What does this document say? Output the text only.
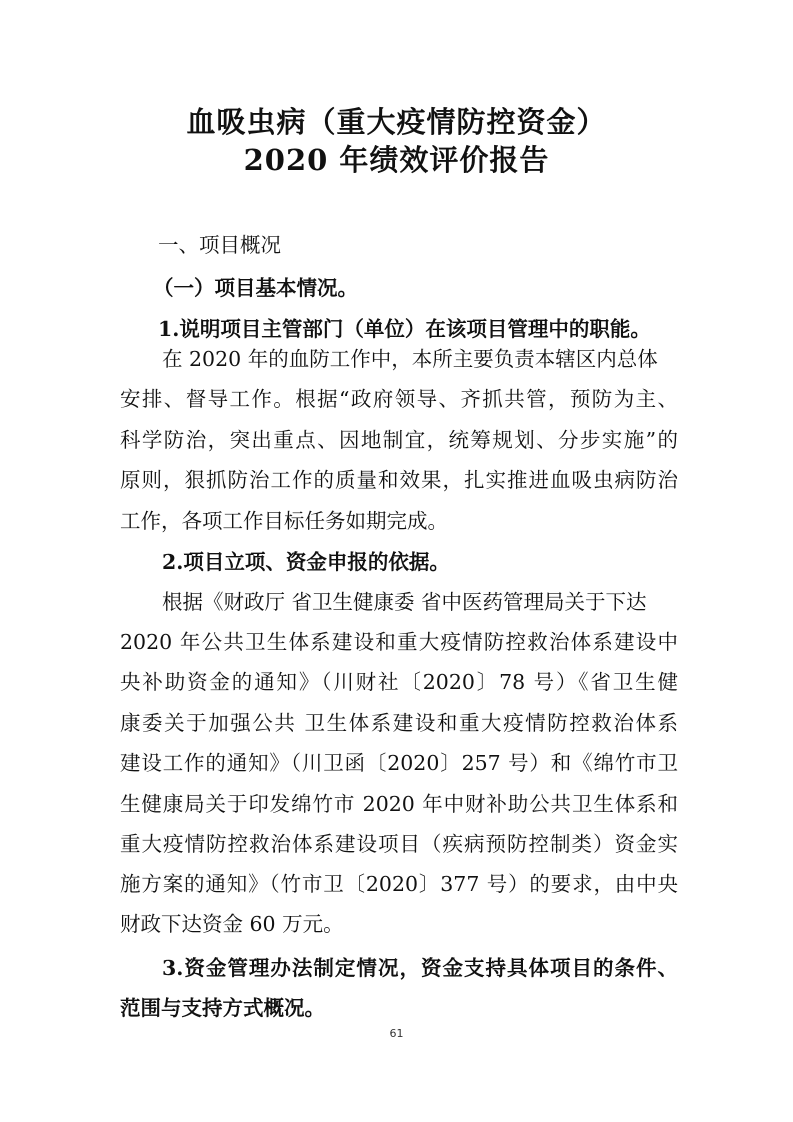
血吸虫病（重大疫情防控资金）
2020 年绩效评价报告
一、项目概况
（一）项目基本情况。
1.说明项目主管部门（单位）在该项目管理中的职能。
在 2020 年的血防工作中，本所主要负责本辖区内总体
安排、督导工作。根据“政府领导、齐抓共管，预防为主、
科学防治，突出重点、因地制宜，统筹规划、分步实施”的
原则，狠抓防治工作的质量和效果，扎实推进血吸虫病防治
工作，各项工作目标任务如期完成。
2.项目立项、资金申报的依据。
根据《财政厅 省卫生健康委 省中医药管理局关于下达
2020 年公共卫生体系建设和重大疫情防控救治体系建设中
央补助资金的通知》（川财社〔2020〕78 号）《省卫生健
康委关于加强公共 卫生体系建设和重大疫情防控救治体系
建设工作的通知》（川卫函〔2020〕257 号）和《绵竹市卫
生健康局关于印发绵竹市 2020 年中财补助公共卫生体系和
重大疫情防控救治体系建设项目（疾病预防控制类）资金实
施方案的通知》（竹市卫〔2020〕377 号）的要求，由中央
财政下达资金 60 万元。
3.资金管理办法制定情况，资金支持具体项目的条件、
范围与支持方式概况。
61
